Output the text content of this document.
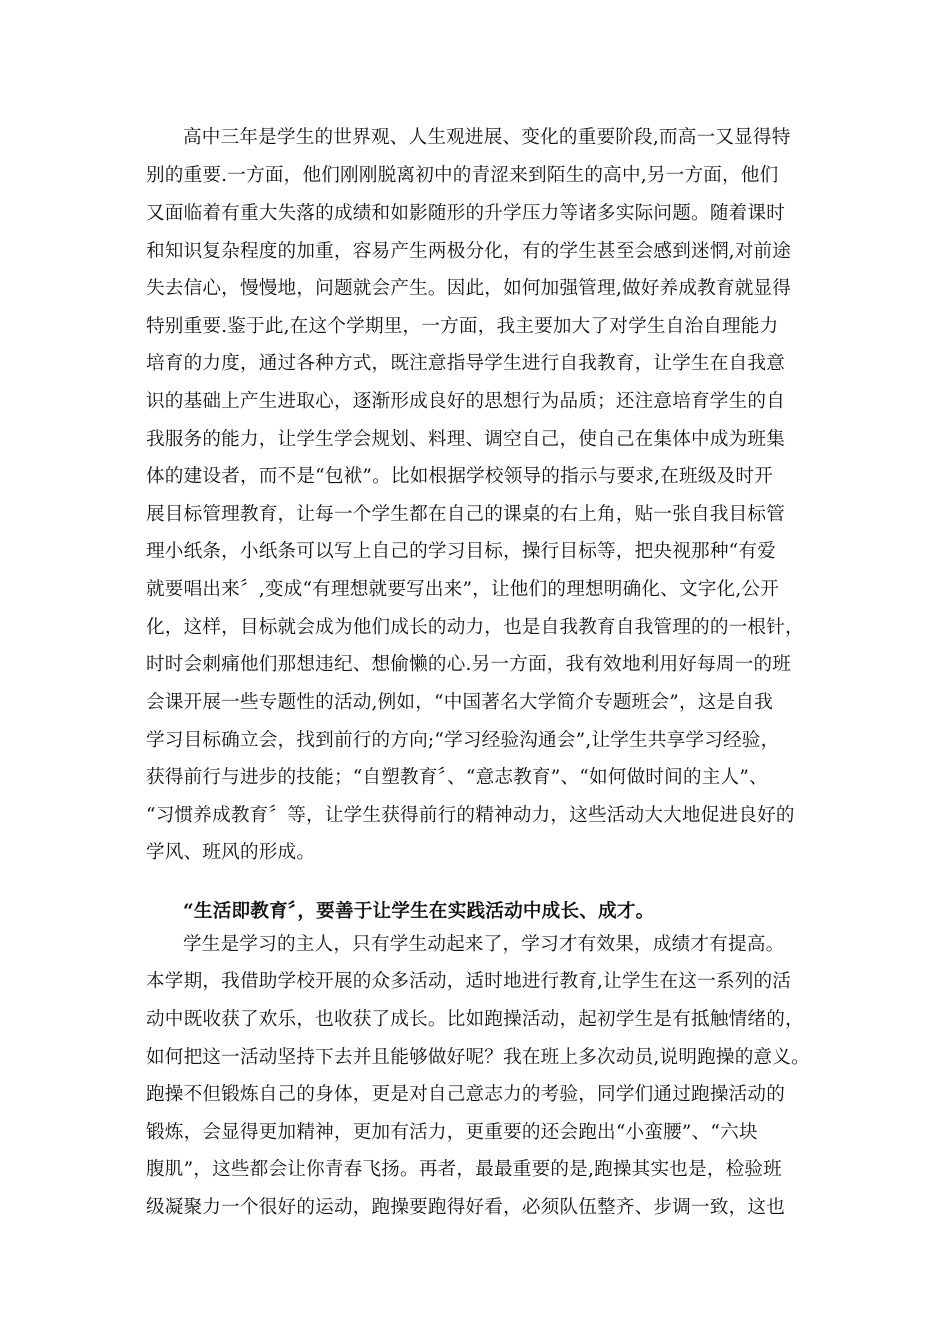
高中三年是学生的世界观、人生观进展、变化的重要阶段,而高一又显得特
别的重要.一方面，他们刚刚脱离初中的青涩来到陌生的高中,另一方面，他们
又面临着有重大失落的成绩和如影随形的升学压力等诸多实际问题。随着课时
和知识复杂程度的加重，容易产生两极分化，有的学生甚至会感到迷惘,对前途
失去信心，慢慢地，问题就会产生。因此，如何加强管理,做好养成教育就显得
特别重要.鉴于此,在这个学期里，一方面，我主要加大了对学生自治自理能力
培育的力度，通过各种方式，既注意指导学生进行自我教育，让学生在自我意
识的基础上产生进取心，逐渐形成良好的思想行为品质；还注意培育学生的自
我服务的能力，让学生学会规划、料理、调空自己，使自己在集体中成为班集
体的建设者，而不是“包袱”。比如根据学校领导的指示与要求,在班级及时开
展目标管理教育，让每一个学生都在自己的课桌的右上角，贴一张自我目标管
理小纸条，小纸条可以写上自己的学习目标，操行目标等，把央视那种“有爱
就要唱出来〞,变成“有理想就要写出来”，让他们的理想明确化、文字化,公开
化，这样，目标就会成为他们成长的动力，也是自我教育自我管理的的一根针，
时时会刺痛他们那想违纪、想偷懒的心.另一方面，我有效地利用好每周一的班
会课开展一些专题性的活动,例如，“中国著名大学简介专题班会”，这是自我
学习目标确立会，找到前行的方向;“学习经验沟通会”,让学生共享学习经验，
获得前行与进步的技能；“自塑教育〞、“意志教育”、“如何做时间的主人”、
“习惯养成教育〞等，让学生获得前行的精神动力，这些活动大大地促进良好的
学风、班风的形成。
“生活即教育〞，要善于让学生在实践活动中成长、成才。
学生是学习的主人，只有学生动起来了，学习才有效果，成绩才有提高。
本学期，我借助学校开展的众多活动，适时地进行教育,让学生在这一系列的活
动中既收获了欢乐，也收获了成长。比如跑操活动，起初学生是有抵触情绪的，
如何把这一活动坚持下去并且能够做好呢？我在班上多次动员,说明跑操的意义。
跑操不但锻炼自己的身体，更是对自己意志力的考验，同学们通过跑操活动的
锻炼，会显得更加精神，更加有活力，更重要的还会跑出“小蛮腰”、“六块
腹肌”，这些都会让你青春飞扬。再者，最最重要的是,跑操其实也是，检验班
级凝聚力一个很好的运动，跑操要跑得好看，必须队伍整齐、步调一致，这也
